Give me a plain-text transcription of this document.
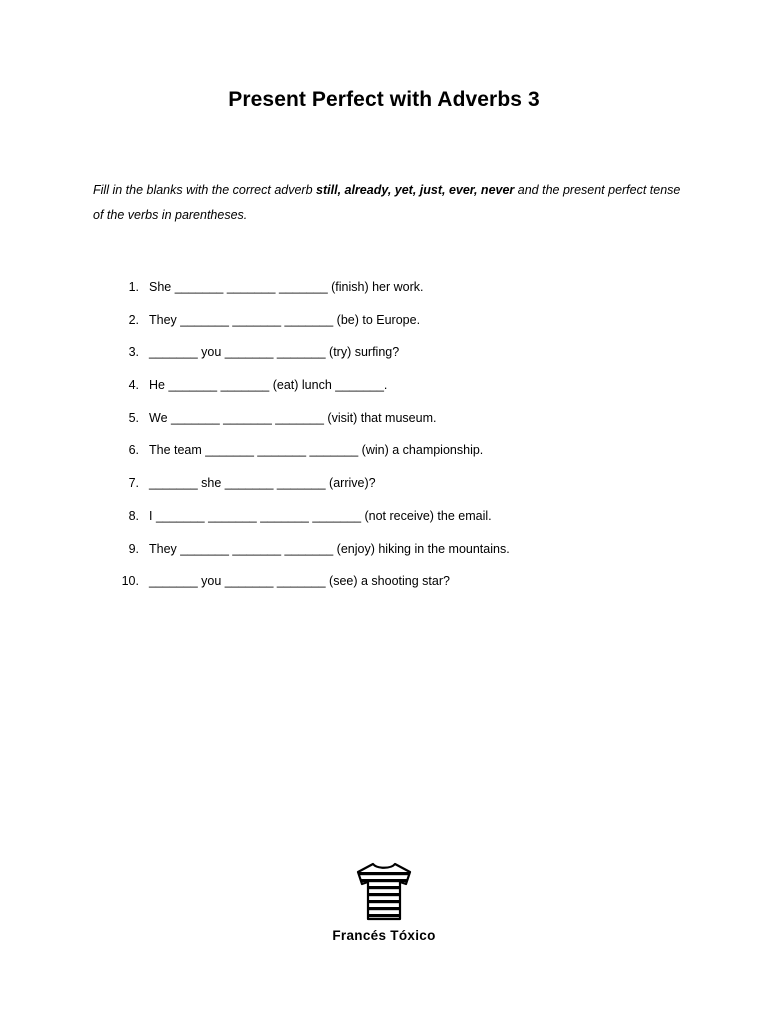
Present Perfect with Adverbs 3
Fill in the blanks with the correct adverb still, already, yet, just, ever, never and the present perfect tense of the verbs in parentheses.
1. She _______ _______ _______ (finish) her work.
2. They _______ _______ _______ (be) to Europe.
3. _______ you _______ _______ (try) surfing?
4. He _______ _______ (eat) lunch _______.
5. We _______ _______ _______ (visit) that museum.
6. The team _______ _______ _______ (win) a championship.
7. _______ she _______ _______ (arrive)?
8. I _______ _______ _______ _______ (not receive) the email.
9. They _______ _______ _______ (enjoy) hiking in the mountains.
10. _______ you _______ _______ (see) a shooting star?
Francés Tóxico
